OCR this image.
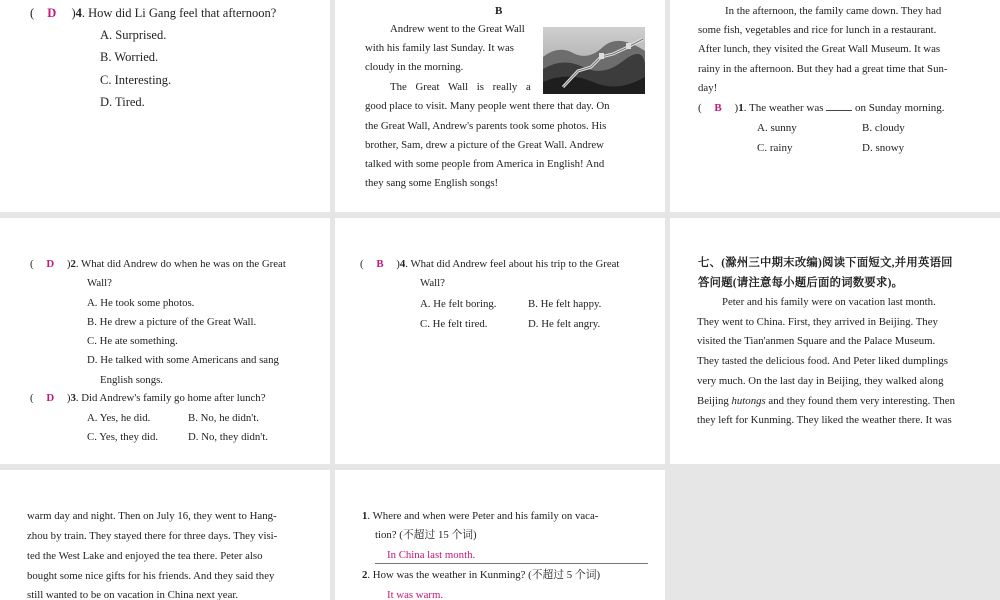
( D )4. How did Li Gang feel that afternoon?
A. Surprised.
B. Worried.
C. Interesting.
D. Tired.
B
Andrew went to the Great Wall
with his family last Sunday. It was
cloudy in the morning.
The Great Wall is really a
good place to visit. Many people went there that day. On
the Great Wall, Andrew's parents took some photos. His
brother, Sam, drew a picture of the Great Wall. Andrew
talked with some people from America in English! And
they sang some English songs!
In the afternoon, the family came down. They had
some fish, vegetables and rice for lunch in a restaurant.
After lunch, they visited the Great Wall Museum. It was
rainy in the afternoon. But they had a great time that Sun-
day!
( B )1. The weather was	on Sunday morning.
A. sunny	B. cloudy
C. rainy	D. snowy
( D )2. What did Andrew do when he was on the Great
Wall?
A. He took some photos.
B. He drew a picture of the Great Wall.
C. He ate something.
D. He talked with some Americans and sang
English songs.
( D )3. Did Andrew's family go home after lunch?
A. Yes, he did.	B. No, he didn't.
C. Yes, they did.	D. No, they didn't.
( B )4. What did Andrew feel about his trip to the Great
Wall?
A. He felt boring.	B. He felt happy.
C. He felt tired.	D. He felt angry.
七、(滁州三中期末改编)阅读下面短文,并用英语回
答问题(请注意每小题后面的词数要求)。
Peter and his family were on vacation last month.
They went to China. First, they arrived in Beijing. They
visited the Tian'anmen Square and the Palace Museum.
They tasted the delicious food. And Peter liked dumplings
very much. On the last day in Beijing, they walked along
Beijing hutongs and they found them very interesting. Then
they left for Kunming. They liked the weather there. It was
warm day and night. Then on July 16, they went to Hang-
zhou by train. They stayed there for three days. They visi-
ted the West Lake and enjoyed the tea there. Peter also
bought some nice gifts for his friends. And they said they
still wanted to be on vacation in China next year.
1. Where and when were Peter and his family on vaca-
tion? (不超过 15 个词)
In China last month.
2. How was the weather in Kunming? (不超过 5 个词)
It was warm.
